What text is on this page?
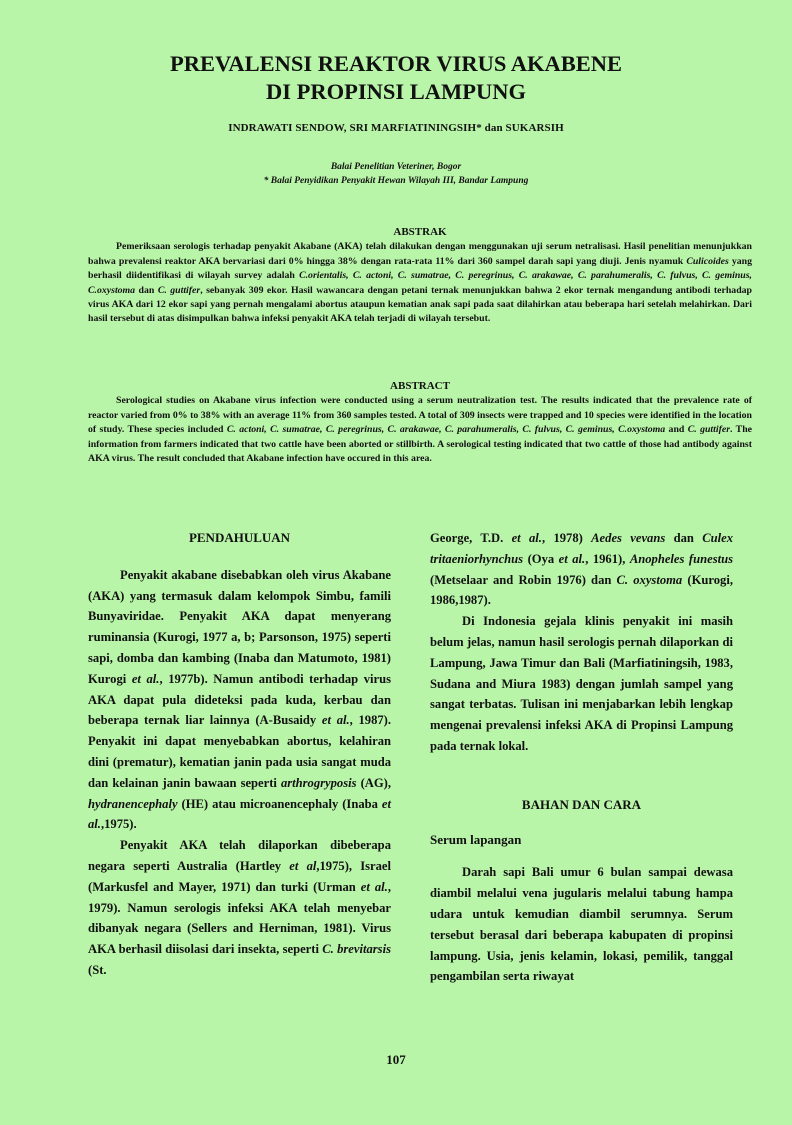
PREVALENSI REAKTOR VIRUS AKABENE
DI PROPINSI LAMPUNG
INDRAWATI SENDOW, SRI MARFIATININGSIH* dan SUKARSIH
Balai Penelitian Veteriner, Bogor
* Balai Penyidikan Penyakit Hewan Wilayah III, Bandar Lampung
ABSTRAK

Pemeriksaan serologis terhadap penyakit Akabane (AKA) telah dilakukan dengan menggunakan uji serum netralisasi. Hasil penelitian menunjukkan bahwa prevalensi reaktor AKA bervariasi dari 0% hingga 38% dengan rata-rata 11% dari 360 sampel darah sapi yang diuji. Jenis nyamuk Culicoides yang berhasil diidentifikasi di wilayah survey adalah C.orientalis, C. actoni, C. sumatrae, C. peregrinus, C. arakawae, C. parahumeralis, C. fulvus, C. geminus, C.oxystoma dan C. guttifer, sebanyak 309 ekor. Hasil wawancara dengan petani ternak menunjukkan bahwa 2 ekor ternak mengandung antibodi terhadap virus AKA dari 12 ekor sapi yang pernah mengalami abortus ataupun kematian anak sapi pada saat dilahirkan atau beberapa hari setelah melahirkan. Dari hasil tersebut di atas disimpulkan bahwa infeksi penyakit AKA telah terjadi di wilayah tersebut.

ABSTRACT

Serological studies on Akabane virus infection were conducted using a serum neutralization test. The results indicated that the prevalence rate of reactor varied from 0% to 38% with an average 11% from 360 samples tested. A total of 309 insects were trapped and 10 species were identified in the location of study. These species included C. actoni, C. sumatrae, C. peregrinus, C. arakawae, C. parahumeralis, C. fulvus, C. geminus, C.oxystoma and C. guttifer. The information from farmers indicated that two cattle have been aborted or stillbirth. A serological testing indicated that two cattle of those had antibody against AKA virus. The result concluded that Akabane infection have occured in this area.

PENDAHULUAN

Penyakit akabane disebabkan oleh virus Akabane (AKA) yang termasuk dalam kelompok Simbu, famili Bunyaviridae. Penyakit AKA dapat menyerang ruminansia (Kurogi, 1977 a, b; Parsonson, 1975) seperti sapi, domba dan kambing (Inaba dan Matumoto, 1981) Kurogi et al., 1977b). Namun antibodi terhadap virus AKA dapat pula dideteksi pada kuda, kerbau dan beberapa ternak liar lainnya (A-Busaidy et al., 1987). Penyakit ini dapat menyebabkan abortus, kelahiran dini (prematur), kematian janin pada usia sangat muda dan kelainan janin bawaan seperti arthrogryposis (AG), hydranencephaly (HE) atau microanencephaly (Inaba et al.,1975).

Penyakit AKA telah dilaporkan dibeberapa negara seperti Australia (Hartley et al,1975), Israel (Markusfel and Mayer, 1971) dan turki (Urman et al., 1979). Namun serologis infeksi AKA telah menyebar dibanyak negara (Sellers and Herniman, 1981). Virus AKA berhasil diisolasi dari insekta, seperti C. brevitarsis (St.

George, T.D. et al., 1978) Aedes vevans dan Culex tritaeniorhynchus (Oya et al., 1961), Anopheles funestus (Metselaar and Robin 1976) dan C. oxystoma (Kurogi, 1986,1987).

Di Indonesia gejala klinis penyakit ini masih belum jelas, namun hasil serologis pernah dilaporkan di Lampung, Jawa Timur dan Bali (Marfiatiningsih, 1983, Sudana and Miura 1983) dengan jumlah sampel yang sangat terbatas. Tulisan ini menjabarkan lebih lengkap mengenai prevalensi infeksi AKA di Propinsi Lampung pada ternak lokal.

BAHAN DAN CARA
Serum lapangan

Darah sapi Bali umur 6 bulan sampai dewasa diambil melalui vena jugularis melalui tabung hampa udara untuk kemudian diambil serumnya. Serum tersebut berasal dari beberapa kabupaten di propinsi lampung. Usia, jenis kelamin, lokasi, pemilik, tanggal pengambilan serta riwayat

107
